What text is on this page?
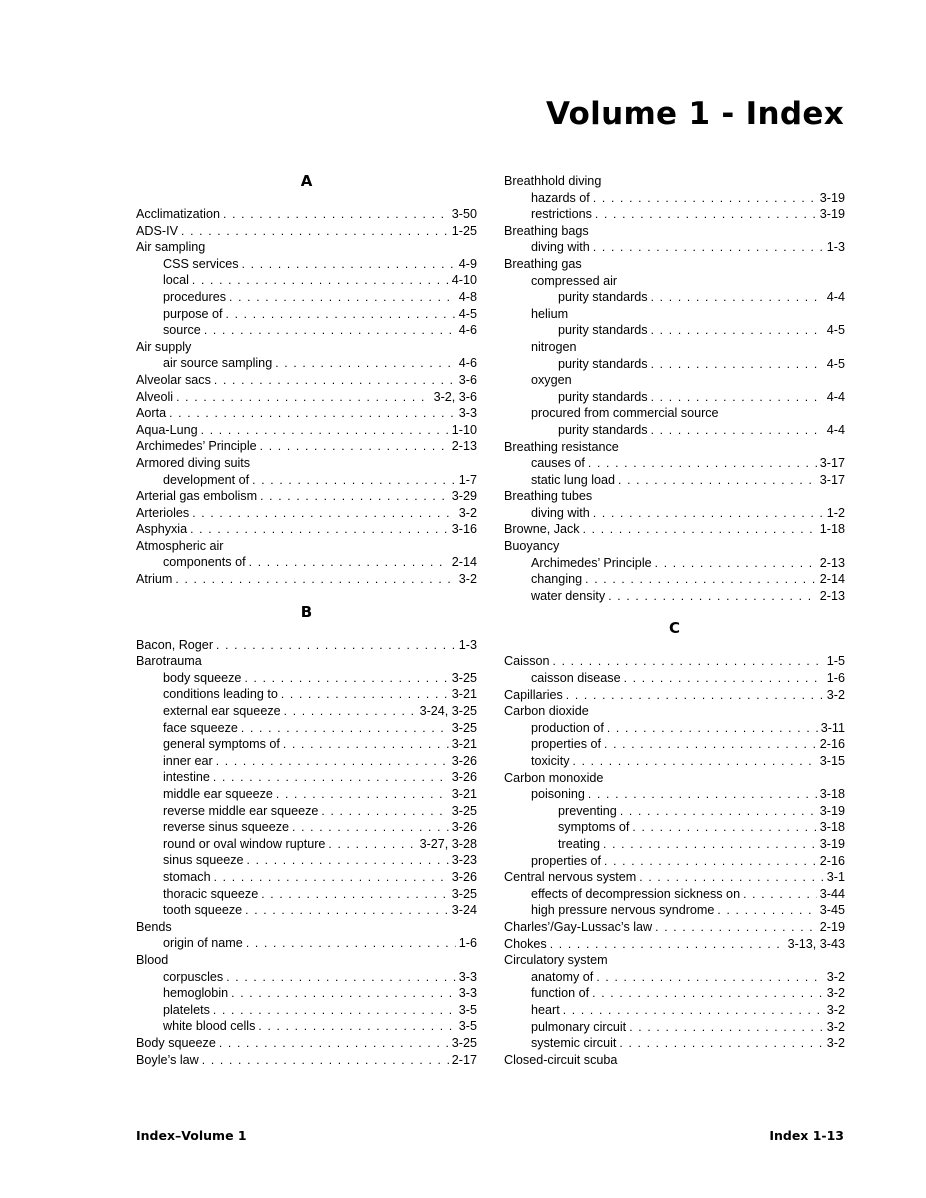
Volume 1 - Index
A
Acclimatization . . .	3-50
ADS-IV . . .	1-25
Air sampling
CSS services . . .	4-9
local . . .	4-10
procedures . . .	4-8
purpose of . . .	4-5
source . . .	4-6
Air supply
air source sampling . . .	4-6
Alveolar sacs . . .	3-6
Alveoli . . .	3-2, 3-6
Aorta . . .	3-3
Aqua-Lung . . .	1-10
Archimedes’ Principle . . .	2-13
Armored diving suits
development of . . .	1-7
Arterial gas embolism . . .	3-29
Arterioles . . .	3-2
Asphyxia . . .	3-16
Atmospheric air
components of . . .	2-14
Atrium . . .	3-2
B
Bacon, Roger . . .	1-3
Barotrauma
body squeeze . . .	3-25
conditions leading to . . .	3-21
external ear squeeze . . .	3-24, 3-25
face squeeze . . .	3-25
general symptoms of . . .	3-21
inner ear . . .	3-26
intestine . . .	3-26
middle ear squeeze . . .	3-21
reverse middle ear squeeze . . .	3-25
reverse sinus squeeze . . .	3-26
round or oval window rupture . . .	3-27, 3-28
sinus squeeze . . .	3-23
stomach . . .	3-26
thoracic squeeze . . .	3-25
tooth squeeze . . .	3-24
Bends
origin of name . . .	1-6
Blood
corpuscles . . .	3-3
hemoglobin . . .	3-3
platelets . . .	3-5
white blood cells . . .	3-5
Body squeeze . . .	3-25
Boyle’s law . . .	2-17
Breathhold diving
hazards of . . .	3-19
restrictions . . .	3-19
Breathing bags
diving with . . .	1-3
Breathing gas
compressed air
purity standards . . .	4-4
helium
purity standards . . .	4-5
nitrogen
purity standards . . .	4-5
oxygen
purity standards . . .	4-4
procured from commercial source
purity standards . . .	4-4
Breathing resistance
causes of . . .	3-17
static lung load . . .	3-17
Breathing tubes
diving with . . .	1-2
Browne, Jack . . .	1-18
Buoyancy
Archimedes’ Principle . . .	2-13
changing . . .	2-14
water density . . .	2-13
C
Caisson . . .	1-5
caisson disease . . .	1-6
Capillaries . . .	3-2
Carbon dioxide
production of . . .	3-11
properties of . . .	2-16
toxicity . . .	3-15
Carbon monoxide
poisoning . . .	3-18
preventing . . .	3-19
symptoms of . . .	3-18
treating . . .	3-19
properties of . . .	2-16
Central nervous system . . .	3-1
effects of decompression sickness on . . .	3-44
high pressure nervous syndrome . . .	3-45
Charles’/Gay-Lussac’s law . . .	2-19
Chokes . . .	3-13, 3-43
Circulatory system
anatomy of . . .	3-2
function of . . .	3-2
heart . . .	3-2
pulmonary circuit . . .	3-2
systemic circuit . . .	3-2
Closed-circuit scuba
Index–Volume 1	Index 1-13
